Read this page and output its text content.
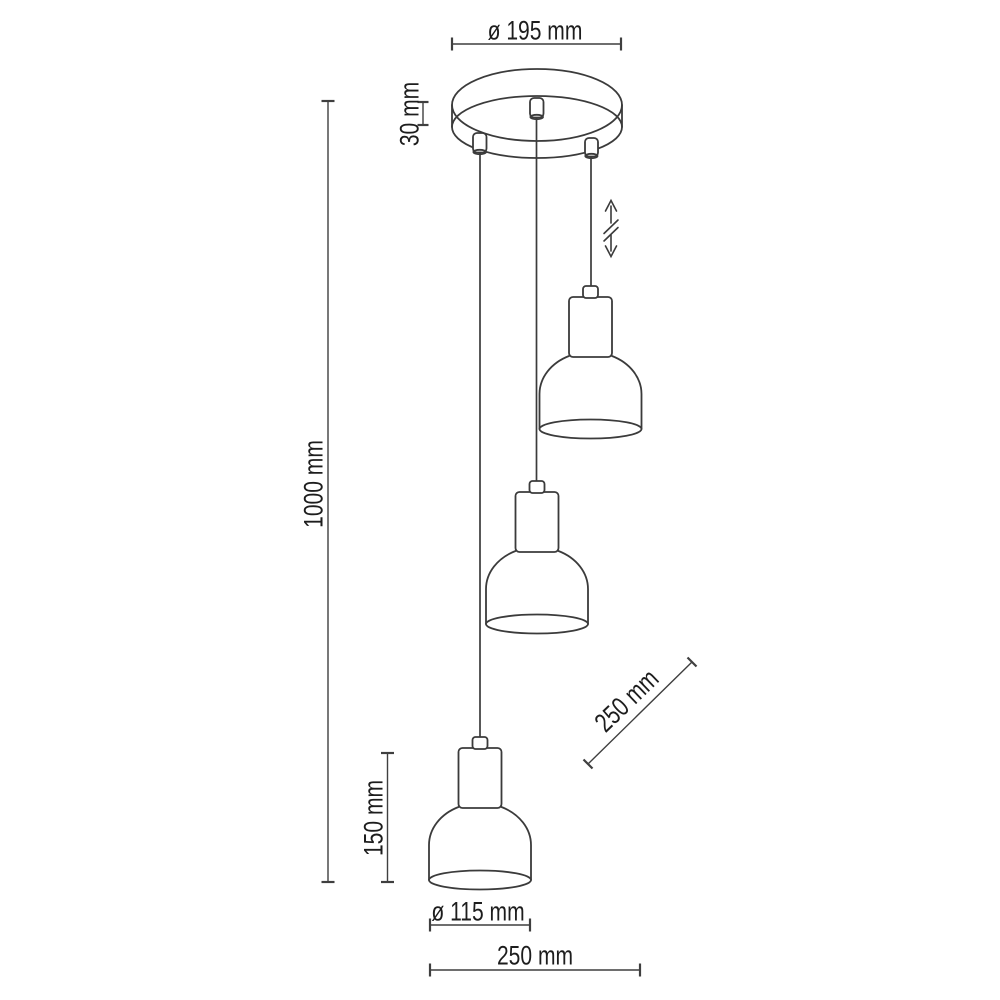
ø 195 mm
30 mm
1000 mm
150 mm
ø 115 mm
250 mm
250 mm
